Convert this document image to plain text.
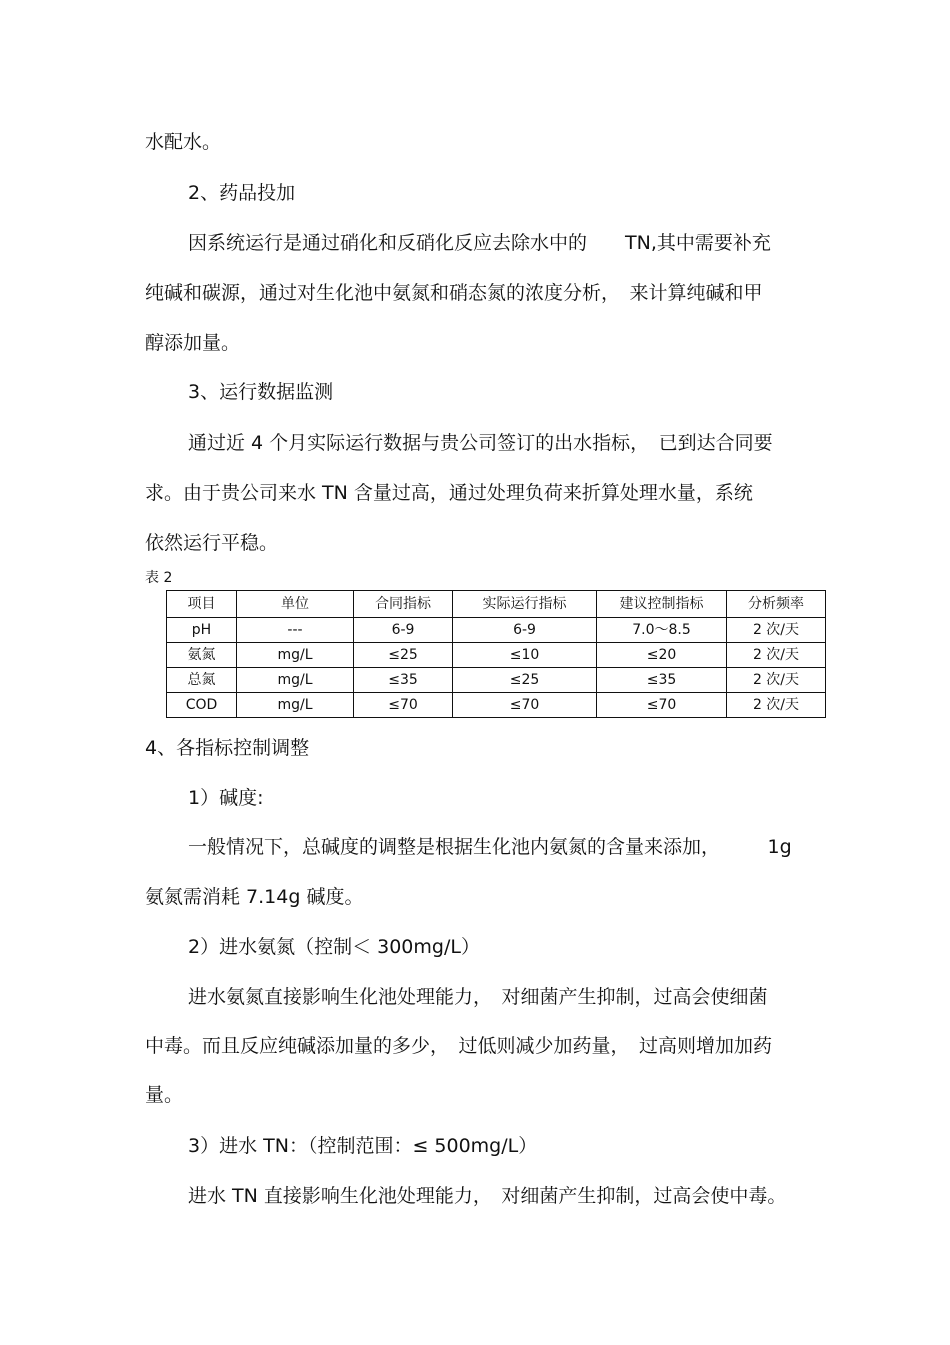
水配水。
2、药品投加
因系统运行是通过硝化和反硝化反应去除水中的　　TN,其中需要补充
纯碱和碳源，通过对生化池中氨氮和硝态氮的浓度分析，　来计算纯碱和甲
醇添加量。
3、运行数据监测
通过近 4 个月实际运行数据与贵公司签订的出水指标，　已到达合同要
求。由于贵公司来水 TN 含量过高，通过处理负荷来折算处理水量，系统
依然运行平稳。
表 2
项目	单位	合同指标	实际运行指标	建议控制指标	分析频率
pH	---	6-9	6-9	7.0～8.5	2 次/天
氨氮	mg/L	≤25	≤10	≤20	2 次/天
总氮	mg/L	≤35	≤25	≤35	2 次/天
COD	mg/L	≤70	≤70	≤70	2 次/天
4、各指标控制调整
1）碱度:
一般情况下，总碱度的调整是根据生化池内氨氮的含量来添加，　　　1g
氨氮需消耗 7.14g 碱度。
2）进水氨氮（控制＜ 300mg/L）
进水氨氮直接影响生化池处理能力，　对细菌产生抑制，过高会使细菌
中毒。而且反应纯碱添加量的多少，　过低则减少加药量，　过高则增加加药
量。
3）进水 TN：（控制范围：≤ 500mg/L）
进水 TN 直接影响生化池处理能力，　对细菌产生抑制，过高会使中毒。
